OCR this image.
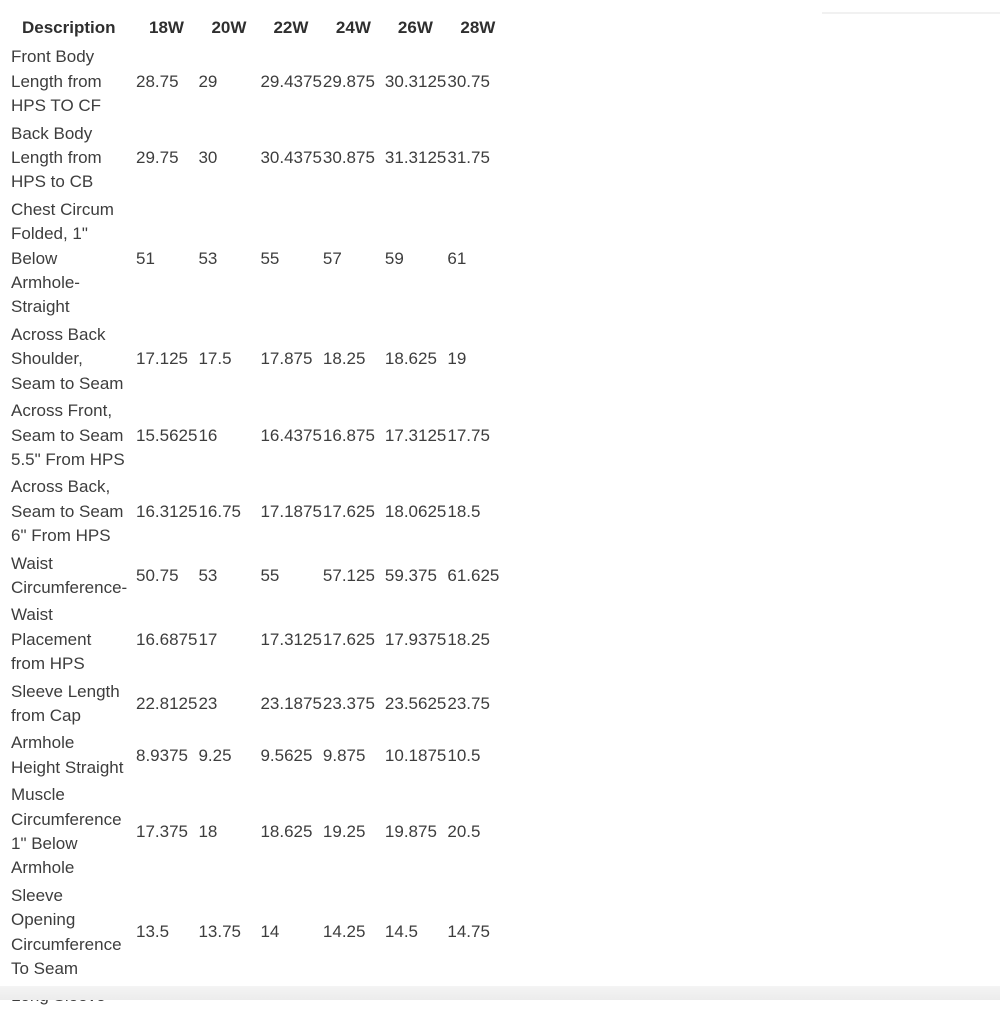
Description	18W	20W	22W	24W	26W	28W

Front Body
Length from
HPS TO CF	28.75	29	29.4375	29.875	30.3125	30.75

Back Body
Length from
HPS to CB	29.75	30	30.4375	30.875	31.3125	31.75

Chest Circum
Folded, 1"
Below
Armhole-
Straight	51	53	55	57	59	61

Across Back
Shoulder,
Seam to Seam	17.125	17.5	17.875	18.25	18.625	19

Across Front,
Seam to Seam
5.5" From HPS	15.5625	16	16.4375	16.875	17.3125	17.75

Across Back,
Seam to Seam
6" From HPS	16.3125	16.75	17.1875	17.625	18.0625	18.5

Waist
Circumference-	50.75	53	55	57.125	59.375	61.625

Waist
Placement
from HPS	16.6875	17	17.3125	17.625	17.9375	18.25

Sleeve Length
from Cap	22.8125	23	23.1875	23.375	23.5625	23.75

Armhole
Height Straight	8.9375	9.25	9.5625	9.875	10.1875	10.5

Muscle
Circumference
1" Below
Armhole	17.375	18	18.625	19.25	19.875	20.5

Sleeve
Opening
Circumference
To Seam	13.5	13.75	14	14.25	14.5	14.75
